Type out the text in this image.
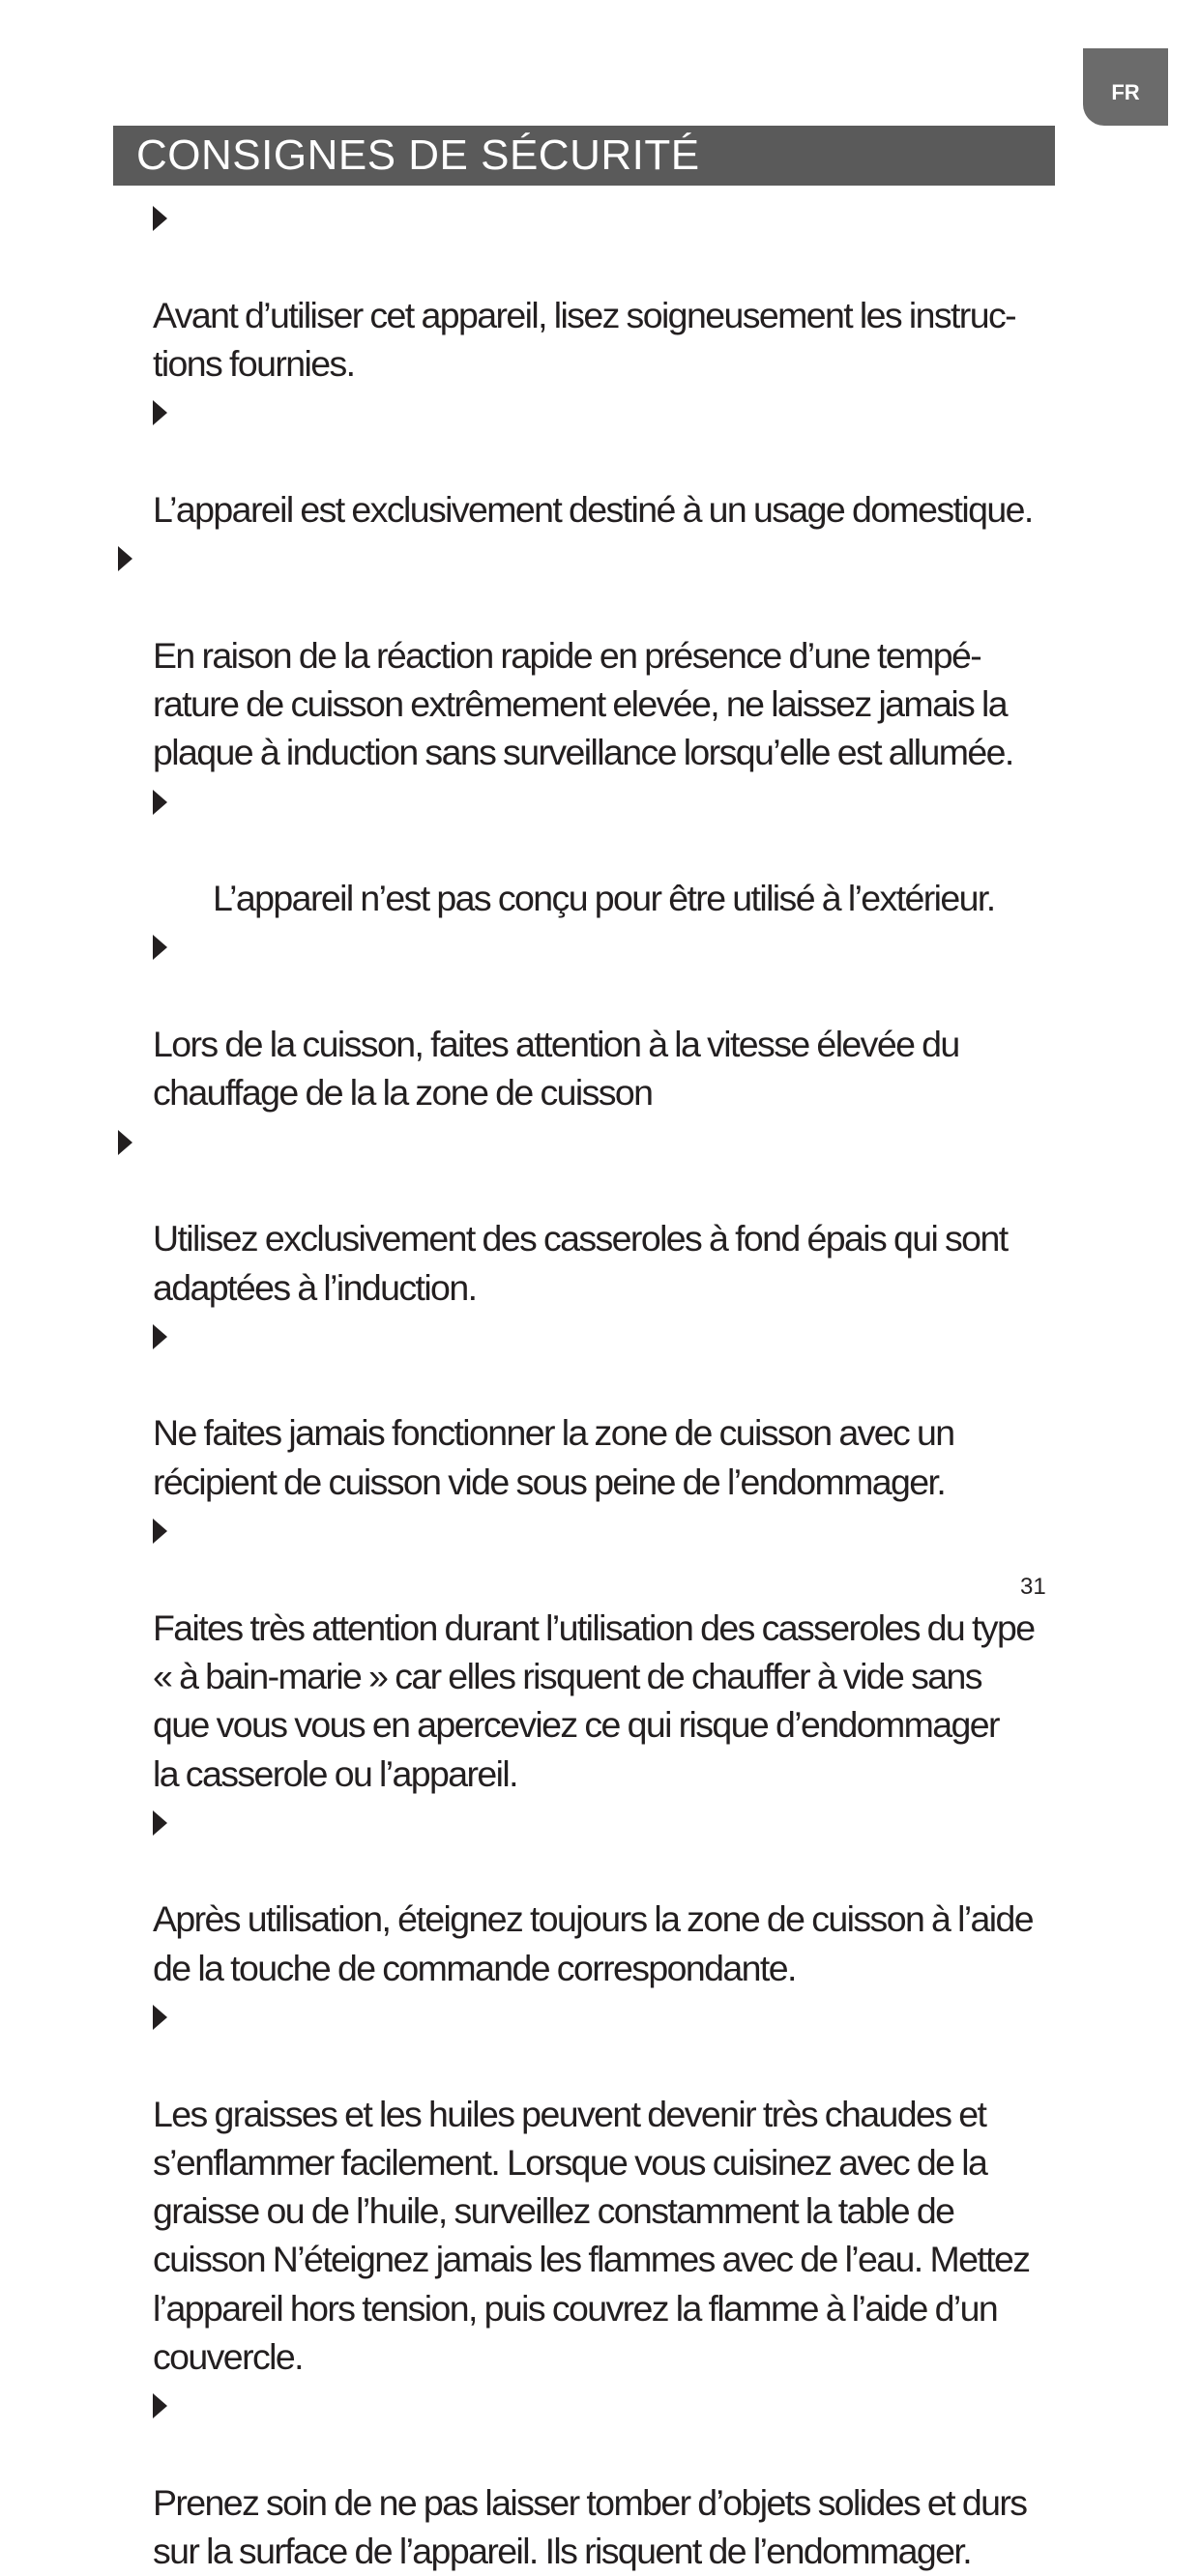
FR
CONSIGNES DE SÉCURITÉ

Avant d’utiliser cet appareil, lisez soigneusement les instruc-
tions fournies.

L’appareil est exclusivement destiné à un usage domestique.

En raison de la réaction rapide en présence d’une tempé-
rature de cuisson extrêmement elevée, ne laissez jamais la
plaque à induction sans surveillance lorsqu’elle est allumée.

L’appareil n’est pas conçu pour être utilisé à l’extérieur.

Lors de la cuisson, faites attention à la vitesse élevée du
chauffage de la la zone de cuisson

Utilisez exclusivement des casseroles à fond épais qui sont
adaptées à l’induction.

Ne faites jamais fonctionner la zone de cuisson avec un
récipient de cuisson vide sous peine de l’endommager.

Faites très attention durant l’utilisation des casseroles du type
« à bain-marie » car elles risquent de chauffer à vide sans
que vous vous en aperceviez ce qui risque d’endommager
la casserole ou l’appareil.

Après utilisation, éteignez toujours la zone de cuisson à l’aide
de la touche de commande correspondante.

Les graisses et les huiles peuvent devenir très chaudes et
s’enflammer facilement. Lorsque vous cuisinez avec de la
graisse ou de l’huile, surveillez constamment la table de
cuisson N’éteignez jamais les flammes avec de l’eau. Mettez
l’appareil hors tension, puis couvrez la flamme à l’aide d’un
couvercle.

Prenez soin de ne pas laisser tomber d’objets solides et durs
sur la surface de l’appareil. Ils risquent de l’endommager.

31
